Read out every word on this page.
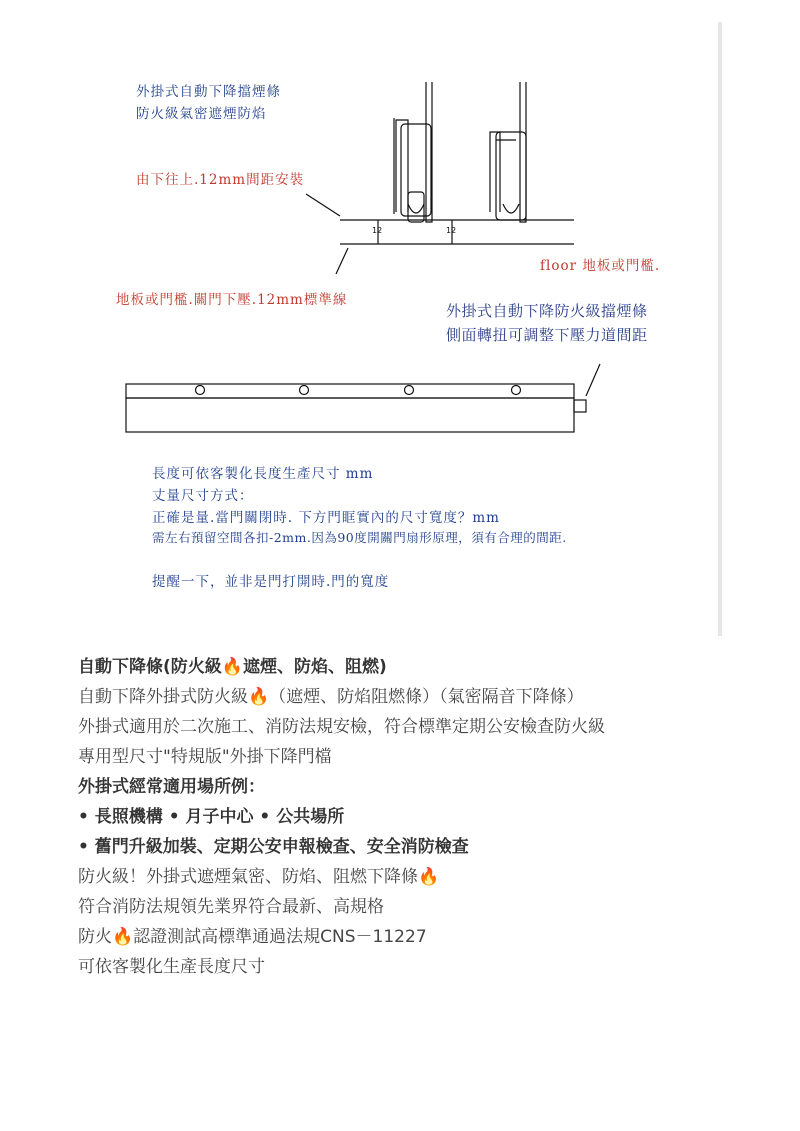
外掛式自動下降擋煙條
防火級氣密遮煙防焰
由下往上.12mm間距安裝
12	12
floor 地板或門檻.
地板或門檻.關門下壓.12mm標準線
外掛式自動下降防火級擋煙條
側面轉扭可調整下壓力道間距
長度可依客製化長度生產尺寸 mm
丈量尺寸方式：
正確是量.當門關閉時. 下方門眶實內的尺寸寬度？mm
需左右預留空間各扣-2mm.因為90度開關門扇形原理，須有合理的間距.
提醒一下，並非是門打開時.門的寬度
自動下降條(防火級🔥遮煙、防焰、阻燃)
自動下降外掛式防火級🔥（遮煙、防焰阻燃條）（氣密隔音下降條）
外掛式適用於二次施工、消防法規安檢，符合標準定期公安檢查防火級
專用型尺寸"特規版"外掛下降門檔
外掛式經常適用場所例：
• 長照機構 • 月子中心 • 公共場所
• 舊門升級加裝、定期公安申報檢查、安全消防檢查
防火級！外掛式遮煙氣密、防焰、阻燃下降條🔥
符合消防法規領先業界符合最新、高規格
防火🔥認證測試高標準通過法規CNS－11227
可依客製化生產長度尺寸
